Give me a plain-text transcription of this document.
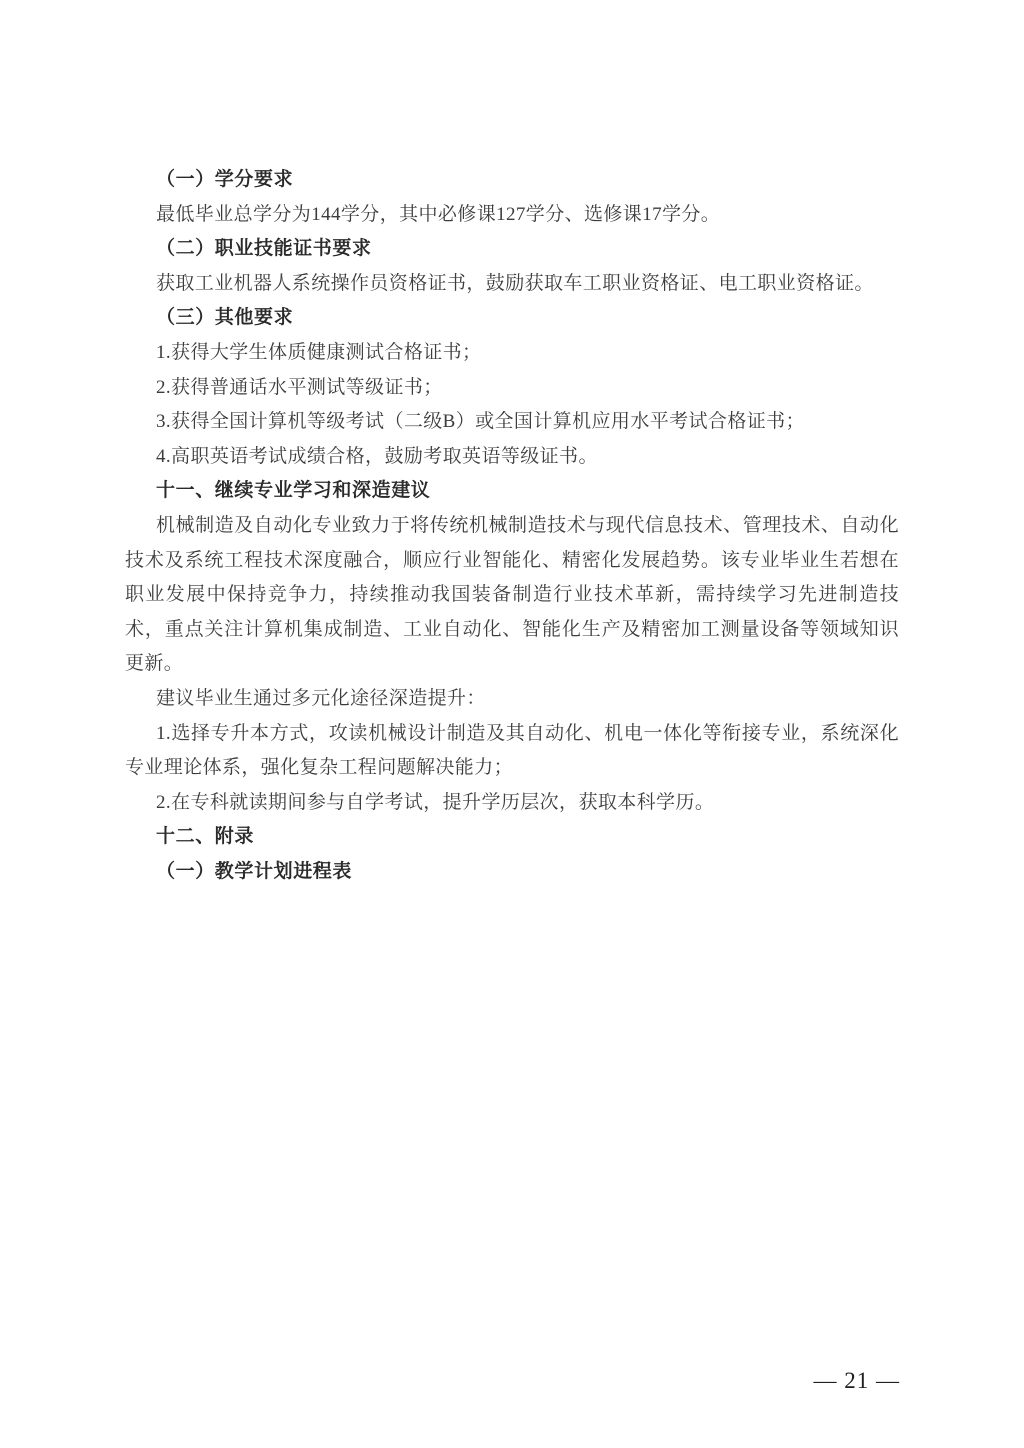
（一）学分要求

最低毕业总学分为144学分，其中必修课127学分、选修课17学分。

（二）职业技能证书要求

获取工业机器人系统操作员资格证书，鼓励获取车工职业资格证、电工职业资格证。

（三）其他要求

1.获得大学生体质健康测试合格证书；

2.获得普通话水平测试等级证书；

3.获得全国计算机等级考试（二级B）或全国计算机应用水平考试合格证书；

4.高职英语考试成绩合格，鼓励考取英语等级证书。

十一、继续专业学习和深造建议

机械制造及自动化专业致力于将传统机械制造技术与现代信息技术、管理技术、自动化技术及系统工程技术深度融合，顺应行业智能化、精密化发展趋势。该专业毕业生若想在职业发展中保持竞争力，持续推动我国装备制造行业技术革新，需持续学习先进制造技术，重点关注计算机集成制造、工业自动化、智能化生产及精密加工测量设备等领域知识更新。

建议毕业生通过多元化途径深造提升：

1.选择专升本方式，攻读机械设计制造及其自动化、机电一体化等衔接专业，系统深化专业理论体系，强化复杂工程问题解决能力；

2.在专科就读期间参与自学考试，提升学历层次，获取本科学历。

十二、附录

（一）教学计划进程表

— 21 —
